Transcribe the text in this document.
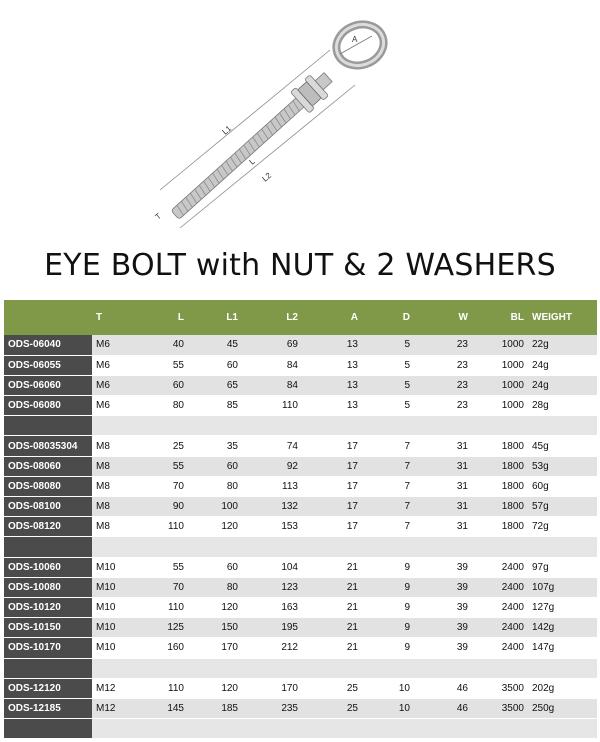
A
L1
L
L2
T
EYE BOLT with NUT & 2 WASHERS
	T	L	L1	L2	A	D	W	BL	WEIGHT
ODS-06040	M6	40	45	69	13	5	23	1000	22g
ODS-06055	M6	55	60	84	13	5	23	1000	24g
ODS-06060	M6	60	65	84	13	5	23	1000	24g
ODS-06080	M6	80	85	110	13	5	23	1000	28g

ODS-08035304	M8	25	35	74	17	7	31	1800	45g
ODS-08060	M8	55	60	92	17	7	31	1800	53g
ODS-08080	M8	70	80	113	17	7	31	1800	60g
ODS-08100	M8	90	100	132	17	7	31	1800	57g
ODS-08120	M8	110	120	153	17	7	31	1800	72g

ODS-10060	M10	55	60	104	21	9	39	2400	97g
ODS-10080	M10	70	80	123	21	9	39	2400	107g
ODS-10120	M10	110	120	163	21	9	39	2400	127g
ODS-10150	M10	125	150	195	21	9	39	2400	142g
ODS-10170	M10	160	170	212	21	9	39	2400	147g

ODS-12120	M12	110	120	170	25	10	46	3500	202g
ODS-12185	M12	145	185	235	25	10	46	3500	250g
